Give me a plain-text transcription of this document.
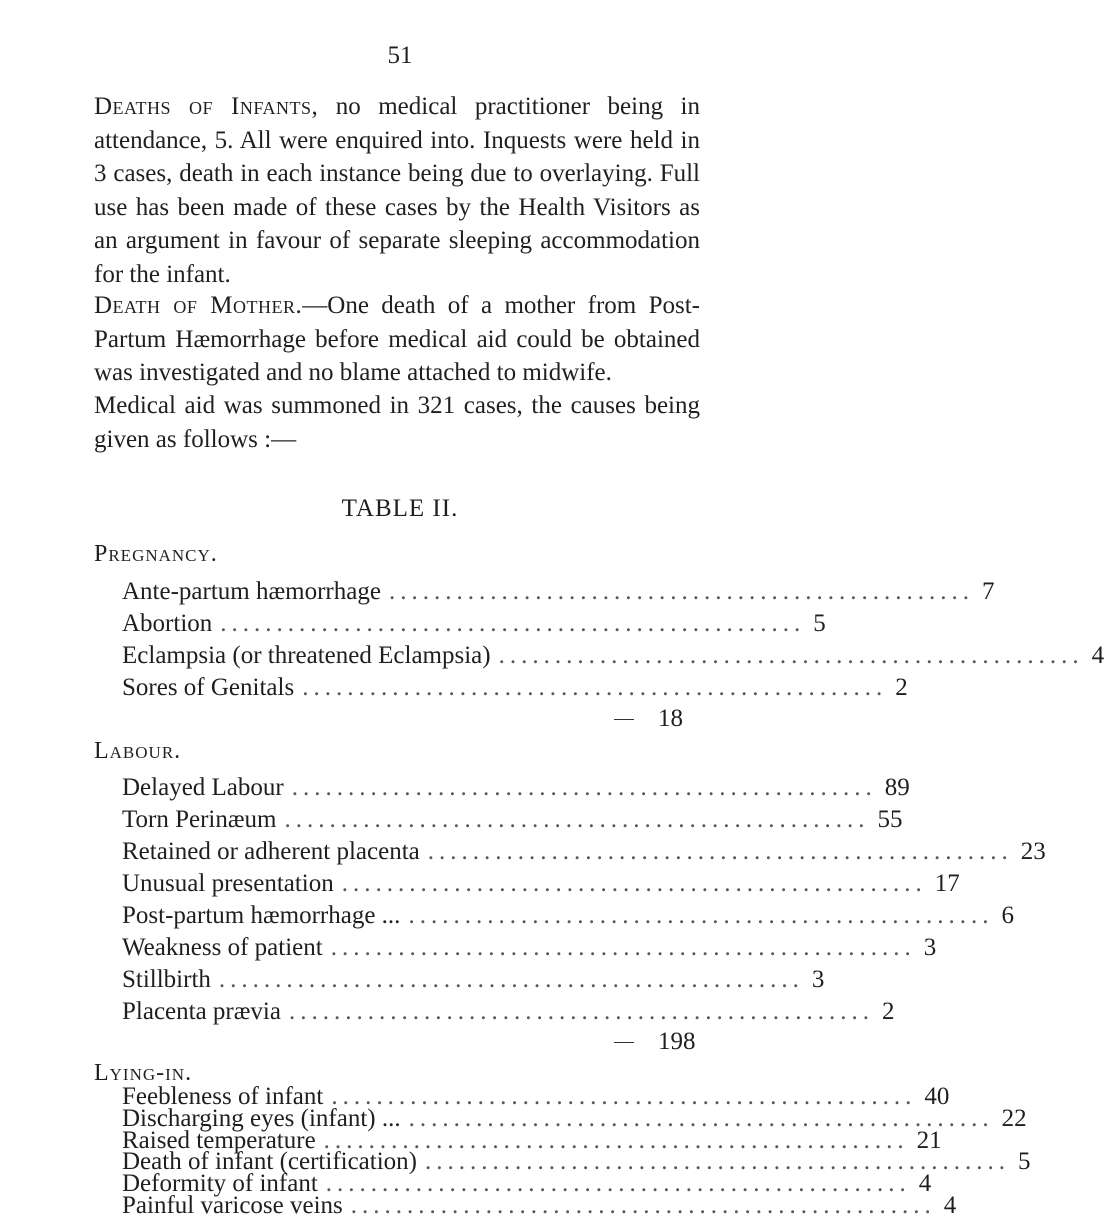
51

Deaths of Infants, no medical practitioner being in attendance, 5. All were enquired into. Inquests were held in 3 cases, death in each instance being due to overlaying. Full use has been made of these cases by the Health Visitors as an argument in favour of separate sleeping accommodation for the infant.

Death of Mother.—One death of a mother from Post-Partum Hæmorrhage before medical aid could be obtained was investigated and no blame attached to midwife.

Medical aid was summoned in 321 cases, the causes being given as follows :—

TABLE II.
Pregnancy.
Ante-partum hæmorrhage .................................................... 7
Abortion .................................................... 5
Eclampsia (or threatened Eclampsia) .................................................... 4
Sores of Genitals .................................................... 2
18
Labour.
Delayed Labour .................................................... 89
Torn Perinæum .................................................... 55
Retained or adherent placenta .................................................... 23
Unusual presentation .................................................... 17
Post-partum hæmorrhage ... .................................................... 6
Weakness of patient .................................................... 3
Stillbirth .................................................... 3
Placenta prævia .................................................... 2
198
Lying-in.
Feebleness of infant .................................................... 40
Discharging eyes (infant) ... .................................................... 22
Raised temperature .................................................... 21
Death of infant (certification) .................................................... 5
Deformity of infant .................................................... 4
Painful varicose veins .................................................... 4
